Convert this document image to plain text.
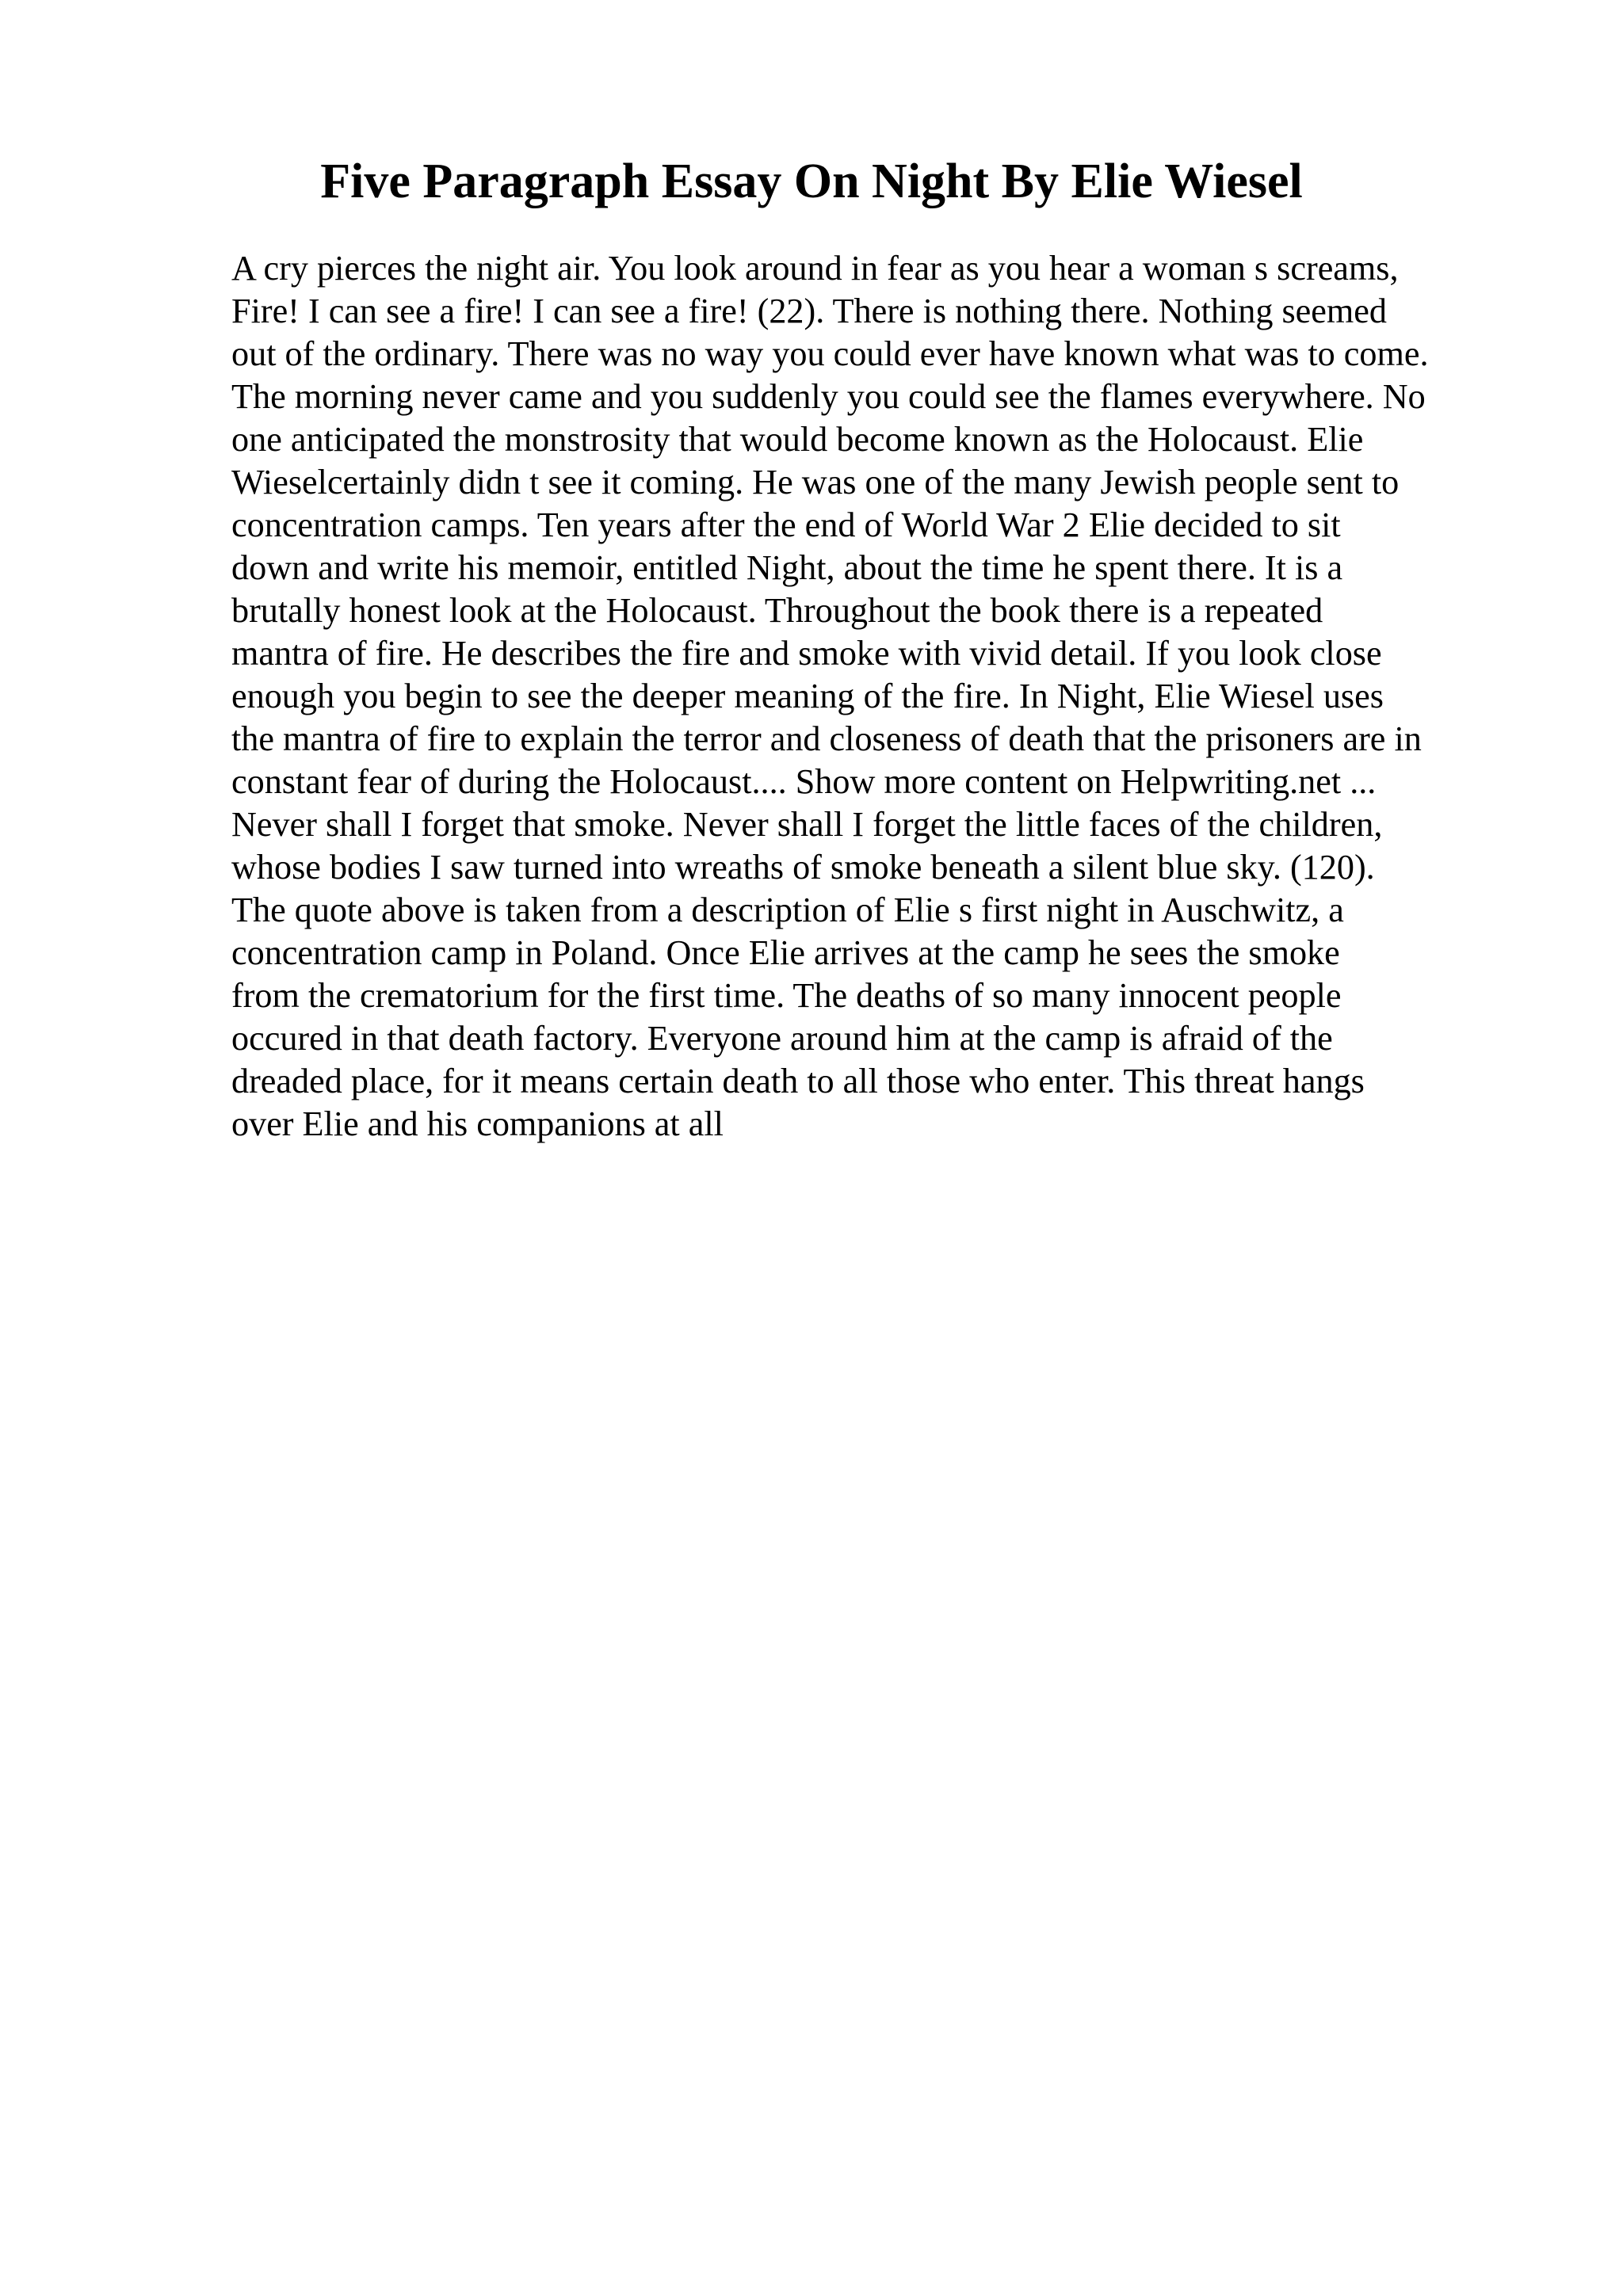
Five Paragraph Essay On Night By Elie Wiesel
A cry pierces the night air. You look around in fear as you hear a woman s screams,
Fire! I can see a fire! I can see a fire! (22). There is nothing there. Nothing seemed
out of the ordinary. There was no way you could ever have known what was to come.
The morning never came and you suddenly you could see the flames everywhere. No
one anticipated the monstrosity that would become known as the Holocaust. Elie
Wieselcertainly didn t see it coming. He was one of the many Jewish people sent to
concentration camps. Ten years after the end of World War 2 Elie decided to sit
down and write his memoir, entitled Night, about the time he spent there. It is a
brutally honest look at the Holocaust. Throughout the book there is a repeated
mantra of fire. He describes the fire and smoke with vivid detail. If you look close
enough you begin to see the deeper meaning of the fire. In Night, Elie Wiesel uses
the mantra of fire to explain the terror and closeness of death that the prisoners are in
constant fear of during the Holocaust.... Show more content on Helpwriting.net ...
Never shall I forget that smoke. Never shall I forget the little faces of the children,
whose bodies I saw turned into wreaths of smoke beneath a silent blue sky. (120).
The quote above is taken from a description of Elie s first night in Auschwitz, a
concentration camp in Poland. Once Elie arrives at the camp he sees the smoke
from the crematorium for the first time. The deaths of so many innocent people
occured in that death factory. Everyone around him at the camp is afraid of the
dreaded place, for it means certain death to all those who enter. This threat hangs
over Elie and his companions at all
